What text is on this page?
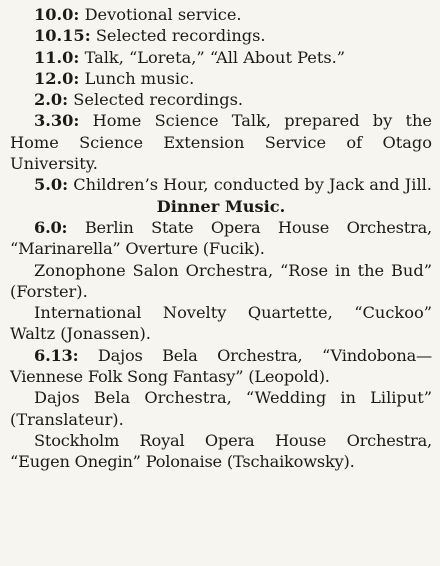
10.0: Devotional service.

10.15: Selected recordings.

11.0: Talk, “Loreta,” “All About Pets.”

12.0: Lunch music.

2.0: Selected recordings.

3.30: Home Science Talk, prepared by the Home Science Extension Service of Otago University.

5.0: Children’s Hour, conducted by Jack and Jill.

Dinner Music.

6.0: Berlin State Opera House Orchestra, “Marinarella” Overture (Fucik).

Zonophone Salon Orchestra, “Rose in the Bud” (Forster).

International Novelty Quartette, “Cuckoo” Waltz (Jonassen).

6.13: Dajos Bela Orchestra, “Vindobona—Viennese Folk Song Fantasy” (Leopold).

Dajos Bela Orchestra, “Wedding in Liliput” (Translateur).

Stockholm Royal Opera House Orchestra, “Eugen Onegin” Polonaise (Tschaikowsky).
